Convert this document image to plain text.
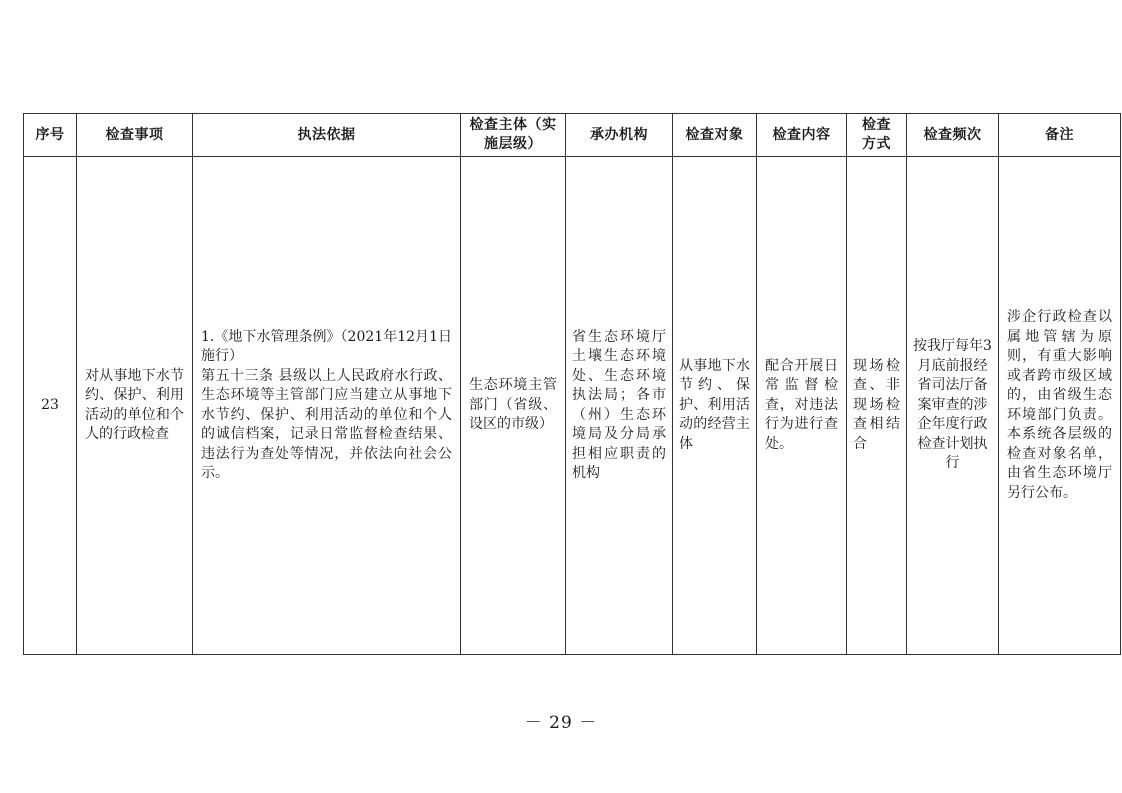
序号	检查事项	执法依据	检查主体（实施层级）	承办机构	检查对象	检查内容	检查方式	检查频次	备注
23	对从事地下水节约、保护、利用活动的单位和个人的行政检查	1.《地下水管理条例》（2021年12月1日施行）
第五十三条 县级以上人民政府水行政、生态环境等主管部门应当建立从事地下水节约、保护、利用活动的单位和个人的诚信档案，记录日常监督检查结果、违法行为查处等情况，并依法向社会公示。	生态环境主管部门（省级、设区的市级）	省生态环境厅土壤生态环境处、生态环境执法局；各市（州）生态环境局及分局承担相应职责的机构	从事地下水节约、保护、利用活动的经营主体	配合开展日常监督检查，对违法行为进行查处。	现场检查、非现场检查相结合	按我厅每年3月底前报经省司法厅备案审查的涉企年度行政检查计划执行	涉企行政检查以属地管辖为原则，有重大影响或者跨市级区域的，由省级生态环境部门负责。本系统各层级的检查对象名单，由省生态环境厅另行公布。
－ 29 －
